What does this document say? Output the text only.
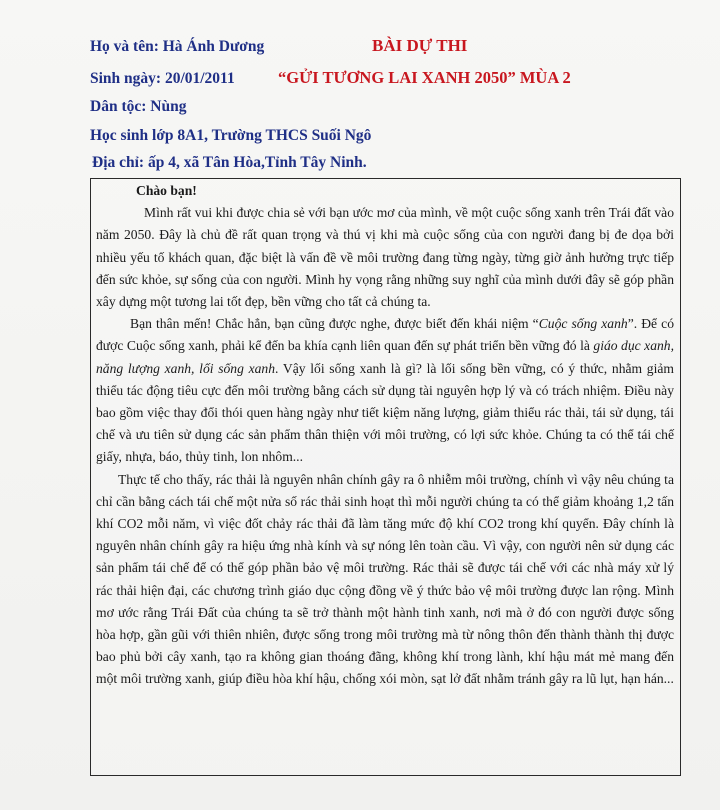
Họ và tên: Hà Ánh Dương	BÀI DỰ THI
Sinh ngày: 20/01/2011	“GỬI TƯƠNG LAI XANH 2050” MÙA 2
Dân tộc: Nùng
Học sinh lớp 8A1, Trường THCS Suối Ngô
Địa chỉ: ấp 4, xã Tân Hòa,Tỉnh Tây Ninh.
Chào bạn!

Mình rất vui khi được chia sẻ với bạn ước mơ của mình, về một cuộc sống xanh trên Trái đất vào năm 2050. Đây là chủ đề rất quan trọng và thú vị khi mà cuộc sống của con người đang bị đe dọa bởi nhiều yếu tố khách quan, đặc biệt là vấn đề về môi trường đang từng ngày, từng giờ ảnh hưởng trực tiếp đến sức khỏe, sự sống của con người. Mình hy vọng rằng những suy nghĩ của mình dưới đây sẽ góp phần xây dựng một tương lai tốt đẹp, bền vững cho tất cả chúng ta.

Bạn thân mến! Chắc hẳn, bạn cũng được nghe, được biết đến khái niệm “Cuộc sống xanh”. Để có được Cuộc sống xanh, phải kể đến ba khía cạnh liên quan đến sự phát triển bền vững đó là giáo dục xanh, năng lượng xanh, lối sống xanh. Vậy lối sống xanh là gì? là lối sống bền vững, có ý thức, nhằm giảm thiểu tác động tiêu cực đến môi trường bằng cách sử dụng tài nguyên hợp lý và có trách nhiệm. Điều này bao gồm việc thay đổi thói quen hàng ngày như tiết kiệm năng lượng, giảm thiểu rác thải, tái sử dụng, tái chế và ưu tiên sử dụng các sản phẩm thân thiện với môi trường, có lợi sức khỏe. Chúng ta có thể tái chế giấy, nhựa, báo, thủy tinh, lon nhôm...

Thực tế cho thấy, rác thải là nguyên nhân chính gây ra ô nhiễm môi trường, chính vì vậy nêu chúng ta chỉ cần bằng cách tái chế một nửa số rác thải sinh hoạt thì mỗi người chúng ta có thể giảm khoảng 1,2 tấn khí CO2 mỗi năm, vì việc đốt chảy rác thải đã làm tăng mức độ khí CO2 trong khí quyển. Đây chính là nguyên nhân chính gây ra hiệu ứng nhà kính và sự nóng lên toàn cầu. Vì vậy, con người nên sử dụng các sản phẩm tái chế để có thể góp phần bảo vệ môi trường. Rác thải sẽ được tái chế với các nhà máy xử lý rác thải hiện đại, các chương trình giáo dục cộng đồng về ý thức bảo vệ môi trường được lan rộng. Mình mơ ước rằng Trái Đất của chúng ta sẽ trở thành một hành tinh xanh, nơi mà ở đó con người được sống hòa hợp, gần gũi với thiên nhiên, được sống trong môi trường mà từ nông thôn đến thành thành thị được bao phủ bởi cây xanh, tạo ra không gian thoáng đãng, không khí trong lành, khí hậu mát mẻ mang đến một môi trường xanh, giúp điều hòa khí hậu, chống xói mòn, sạt lở đất nhằm tránh gây ra lũ lụt, hạn hán...
